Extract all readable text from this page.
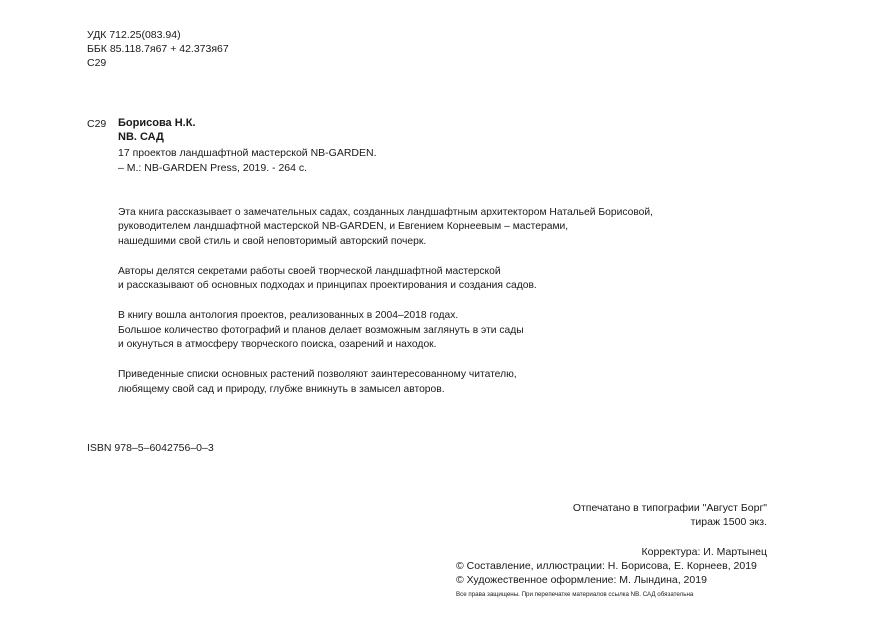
УДК 712.25(083.94)
ББК 85.118.7я67 + 42.373я67
С29
С29 Борисова Н.К.
NB. САД
17 проектов ландшафтной мастерской NB-GARDEN.
– М.: NB-GARDEN Press, 2019. - 264 с.
Эта книга рассказывает о замечательных садах, созданных ландшафтным архитектором Натальей Борисовой,
руководителем ландшафтной мастерской NB-GARDEN, и Евгением Корнеевым – мастерами,
нашедшими свой стиль и свой неповторимый авторский почерк.
Авторы делятся секретами работы своей творческой ландшафтной мастерской
и рассказывают об основных подходах и принципах проектирования и создания садов.
В книгу вошла антология проектов, реализованных в 2004–2018 годах.
Большое количество фотографий и планов делает возможным заглянуть в эти сады
и окунуться в атмосферу творческого поиска, озарений и находок.
Приведенные списки основных растений позволяют заинтересованному читателю,
любящему свой сад и природу, глубже вникнуть в замысел авторов.
ISBN 978–5–6042756–0–3
Отпечатано в типографии "Август Борг"
тираж 1500 экз.
Корректура: И. Мартынец
© Составление, иллюстрации: Н. Борисова, Е. Корнеев, 2019
© Художественное оформление: М. Лындина, 2019
Все права защищены. При перепечатке материалов ссылка NB. САД обязательна
